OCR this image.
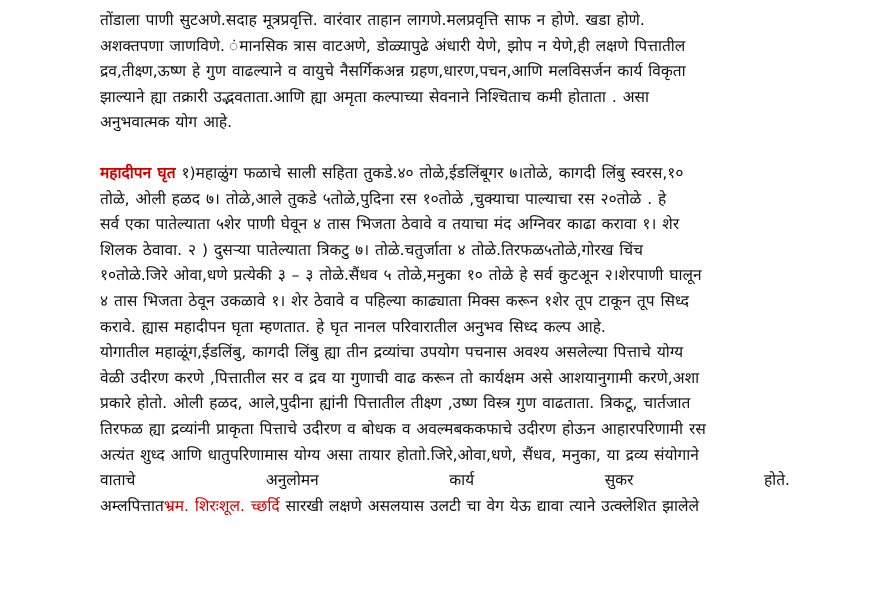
तोंडाला पाणी सुटअणे.सदाह मूत्रप्रवृत्ति. वारंवार ताहान लागणे.मलप्रवृत्ति साफ न होणे. खडा होणे.
अशक्तपणा जाणविणे. ंमानसिक त्रास वाटअणे, डोळ्यापुढे अंधारी येणे, झोप न येणे,ही लक्षणे पित्तातील
द्रव,तीक्ष्ण,ऊष्ण हे गुण वाढल्याने व वायुचे नैसर्गिकअन्न ग्रहण,धारण,पचन,आणि मलविसर्जन कार्य विकृता
झाल्याने ह्या तक्रारी उद्भवताता.आणि ह्या अमृता कल्पाच्या सेवनाने निश्चिताच कमी होताता . असा
अनुभवात्मक योग आहे.

महादीपन घृत १)महाळुंग फळाचे साली सहिता तुकडे.४० तोळे,ईडलिंबूगर ७।तोळे, कागदी लिंबु स्वरस,१०
तोळे, ओली हळद ७। तोळे,आले तुकडे ५तोळे,पुदिना रस १०तोळे ,चुक्याचा पाल्याचा रस २०तोळे . हे
सर्व एका पातेल्याता ५शेर पाणी घेवून ४ तास भिजता ठेवावे व तयाचा मंद अग्निवर काढा करावा १। शेर
शिलक ठेवावा. २ ) दुसऱ्या पातेल्याता त्रिकटु ७। तोळे.चतुर्जाता ४ तोळे.तिरफळ५तोळे,गोरख चिंच
१०तोळे.जिरे ओवा,धणे प्रत्येकी ३ – ३ तोळे.सैंधव ५ तोळे,मनुका १० तोळे हे सर्व कुटअून २।शेरपाणी घालून
४ तास भिजता ठेवून उकळावे १। शेर ठेवावे व पहिल्या काढ्याता मिक्स करून १शेर तूप टाकून तूप सिध्द
करावे. ह्यास महादीपन घृता म्हणतात. हे घृत नानल परिवारातील अनुभव सिध्द कल्प आहे.
योगातील महाळूंग,ईडलिंबु, कागदी लिंबु ह्या तीन द्रव्यांचा उपयोग पचनास अवश्य असलेल्या पित्ताचे योग्य
वेळी उदीरण करणे ,पित्तातील सर व द्रव या गुणाची वाढ करून तो कार्यक्षम असे आशयानुगामी करणे,अशा
प्रकारे होतो. ओली हळद, आले,पुदीना ह्यांनी पित्तातील तीक्ष्ण ,उष्ण विस्त्र गुण वाढताता. त्रिकटू, चार्तजात
तिरफळ ह्या द्रव्यांनी प्राकृता पित्ताचे उदीरण व बोधक व अवल्मबककफाचे उदीरण होऊन आहारपरिणामी रस
अत्यंत शुध्द आणि धातुपरिणामास योग्य असा तायार होताो.जिरे,ओवा,धणे, सैंधव, मनुका, या द्रव्य संयोगाने
वाताचे	अनुलोमन	कार्य	सुकर	होते.

अम्लपित्तातभ्रम. शिरःशूल. च्छर्दि सारखी लक्षणे असलयास उलटी चा वेग येऊ द्यावा त्याने उत्क्लेशित झालेले
